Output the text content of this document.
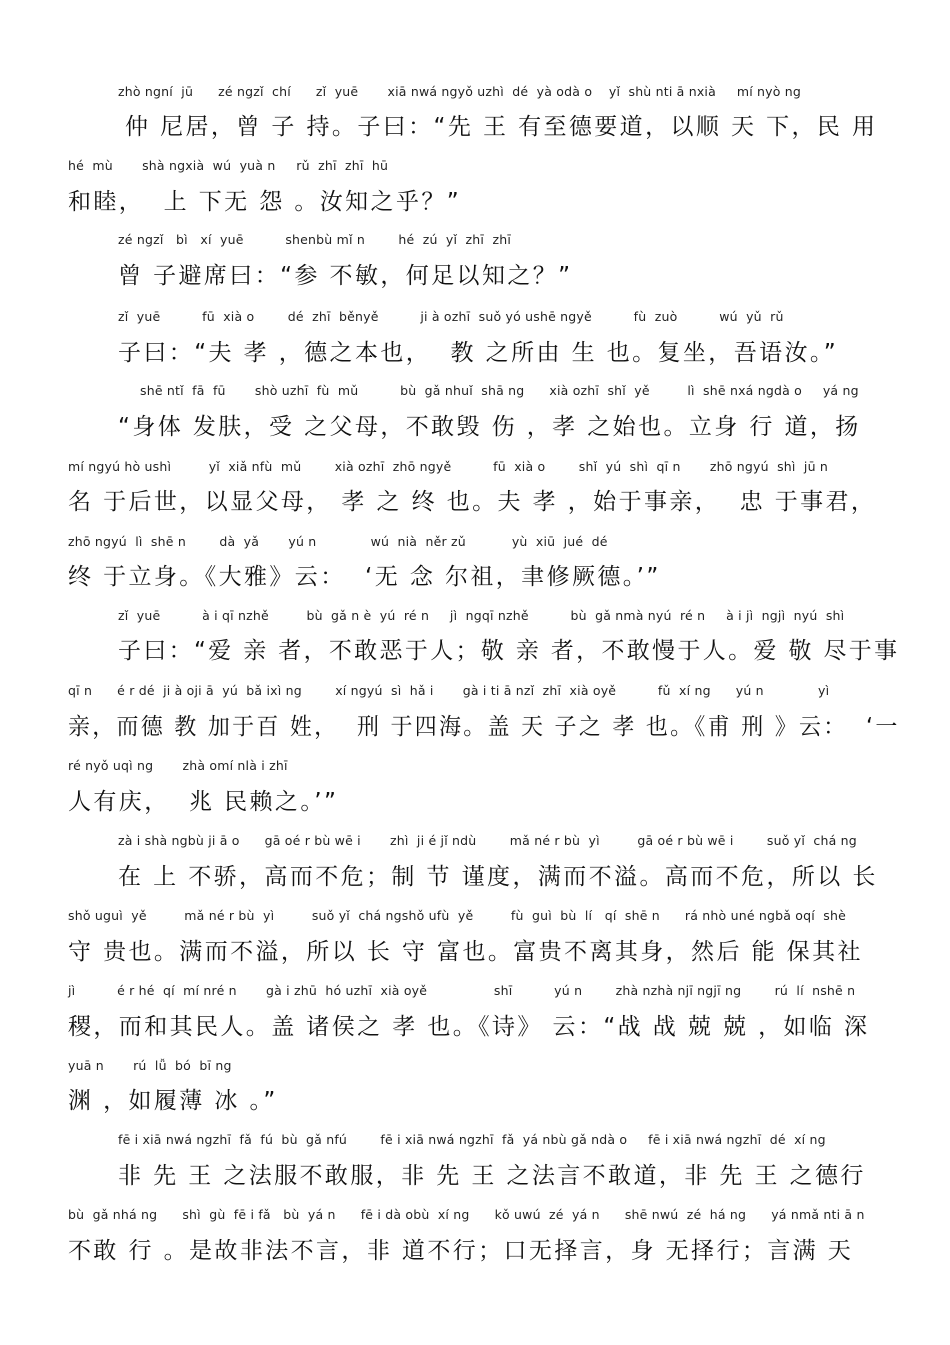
zhò ngní  jū      zé ngzǐ  chí      zǐ  yuē       xiā nwá ngyǒ uzhì  dé  yà odà o    yǐ  shù nti ā nxià     mí nyò ng
仲 尼居，曾 子 持。子曰：“先 王 有至德要道，以顺 天 下，民 用
hé  mù       shà ngxià  wú  yuà n     rǔ  zhī  zhī  hū
和睦，  上 下无 怨 。汝知之乎？”
zé ngzǐ   bì   xí  yuē          shenbù mǐ n        hé  zú  yǐ  zhī  zhī
曾 子避席曰：“参 不敏，何足以知之？”
zǐ  yuē          fū  xià o        dé  zhī  běnyě          ji à ozhī  suǒ yó ushē ngyě          fù  zuò          wú  yǔ  rǔ
子曰：“夫 孝 ，德之本也，  教 之所由 生 也。复坐，吾语汝。”
shē ntǐ  fā  fū       shò uzhī  fù  mǔ          bù  gǎ nhuǐ  shā ng      xià ozhī  shǐ  yě         lì  shē nxá ngdà o     yá ng
“身体 发肤，受 之父母，不敢毁 伤 ，孝 之始也。立身 行 道，扬
mí ngyú hò ushì         yǐ  xiǎ nfù  mǔ        xià ozhī  zhō ngyě          fū  xià o        shǐ  yú  shì  qī n       zhō ngyú  shì  jū n
名 于后世，以显父母， 孝 之 终 也。夫 孝 ，始于事亲，  忠 于事君，
zhō ngyú  lì  shē n        dà  yǎ       yú n             wú  nià  něr zǔ           yù  xiū  jué  dé
终 于立身。《大雅》云：  ‘无 念 尔祖，聿修厥德。’”
zǐ  yuē          à i qī nzhě         bù  gǎ n è  yú  ré n     jì  ngqī nzhě          bù  gǎ nmà nyú  ré n     à i jì  ngjì  nyú  shì
子曰：“爱 亲 者，不敢恶于人；敬 亲 者，不敢慢于人。爱 敬 尽于事
qī n      é r dé  ji à oji ā  yú  bǎ ixì ng        xí ngyú  sì  hǎ i       gà i ti ā nzǐ  zhī  xià oyě          fǔ  xí ng      yú n             yì
亲，而德 教 加于百 姓，  刑 于四海。盖 天 子之 孝 也。《甫 刑 》云：  ‘一
ré nyǒ uqì ng       zhà omí nlà i zhī
人有庆，  兆 民赖之。’”
zà i shà ngbù ji ā o      gā oé r bù wē i       zhì  ji é jǐ ndù        mǎ né r bù  yì         gā oé r bù wē i        suǒ yǐ  chá ng
在 上 不骄，高而不危；制 节 谨度，满而不溢。高而不危，所以 长
shǒ uguì  yě         mǎ né r bù  yì         suǒ yǐ  chá ngshǒ ufù  yě         fù  guì  bù  lí   qí  shē n      rá nhò uné ngbǎ oqí  shè
守 贵也。满而不溢，所以 长 守 富也。富贵不离其身，然后 能 保其社
jì          é r hé  qí  mí nré n       gà i zhū  hó uzhī  xià oyě                shī          yú n        zhà nzhà njī ngjī ng        rú  lí  nshē n
稷，而和其民人。盖 诸侯之 孝 也。《诗》 云：“战 战 兢 兢 ，如临 深
yuā n       rú  lǚ  bó  bī ng
渊 ，如履薄 冰 。”
fē i xiā nwá ngzhī  fǎ  fú  bù  gǎ nfú        fē i xiā nwá ngzhī  fǎ  yá nbù gǎ ndà o     fē i xiā nwá ngzhī  dé  xí ng
非 先 王 之法服不敢服，非 先 王 之法言不敢道，非 先 王 之德行
bù  gǎ nhá ng      shì  gù  fē i fǎ   bù  yá n      fē i dà obù  xí ng      kǒ uwú  zé  yá n      shē nwú  zé  há ng      yá nmǎ nti ā n
不敢 行 。是故非法不言，非 道不行；口无择言，身 无择行；言满 天
